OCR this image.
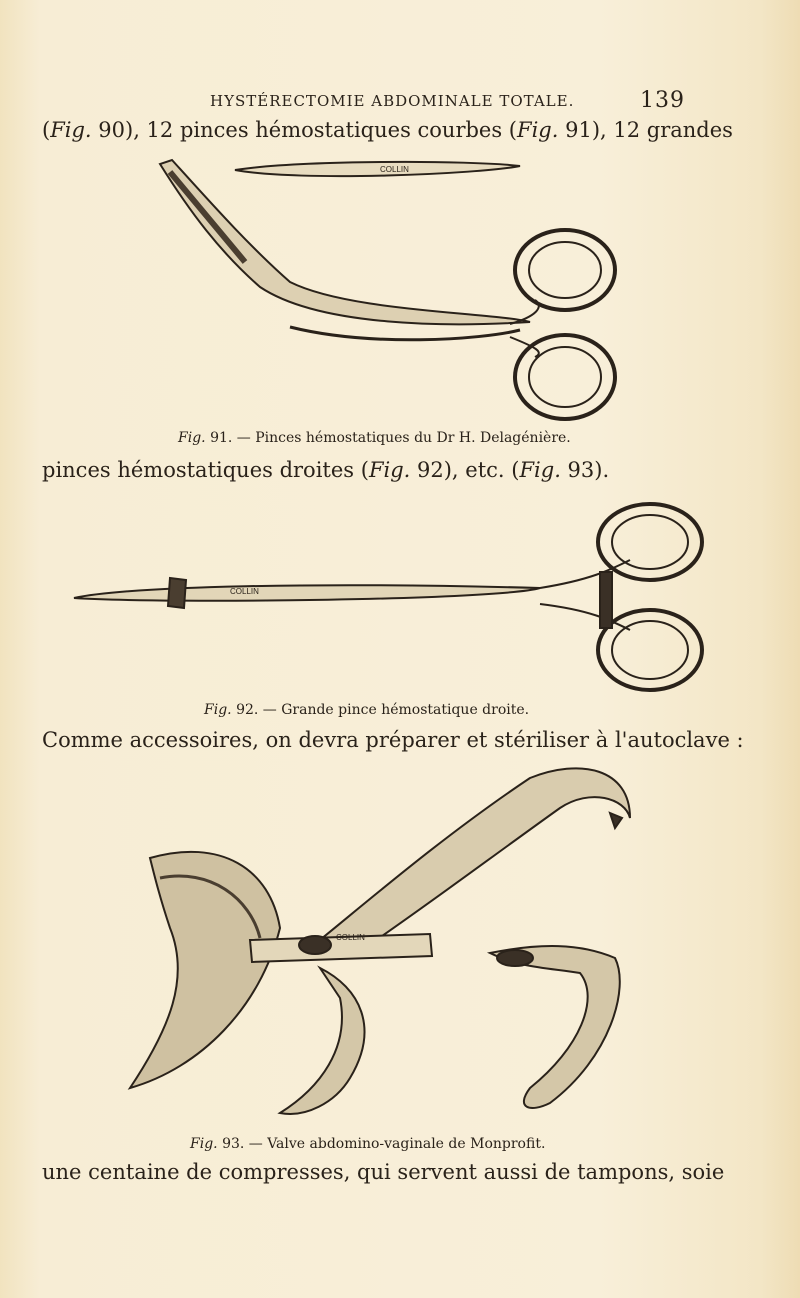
HYSTÉRECTOMIE ABDOMINALE TOTALE.	139
(Fig. 90), 12 pinces hémostatiques courbes (Fig. 91), 12 grandes
COLLIN
Fig. 91. — Pinces hémostatiques du Dr H. Delagénière.
pinces hémostatiques droites (Fig. 92), etc. (Fig. 93).
COLLIN
Fig. 92. — Grande pince hémostatique droite.
Comme accessoires, on devra préparer et stériliser à l'autoclave :
COLLIN
Fig. 93. — Valve abdomino-vaginale de Monprofit.
une centaine de compresses, qui servent aussi de tampons, soie
